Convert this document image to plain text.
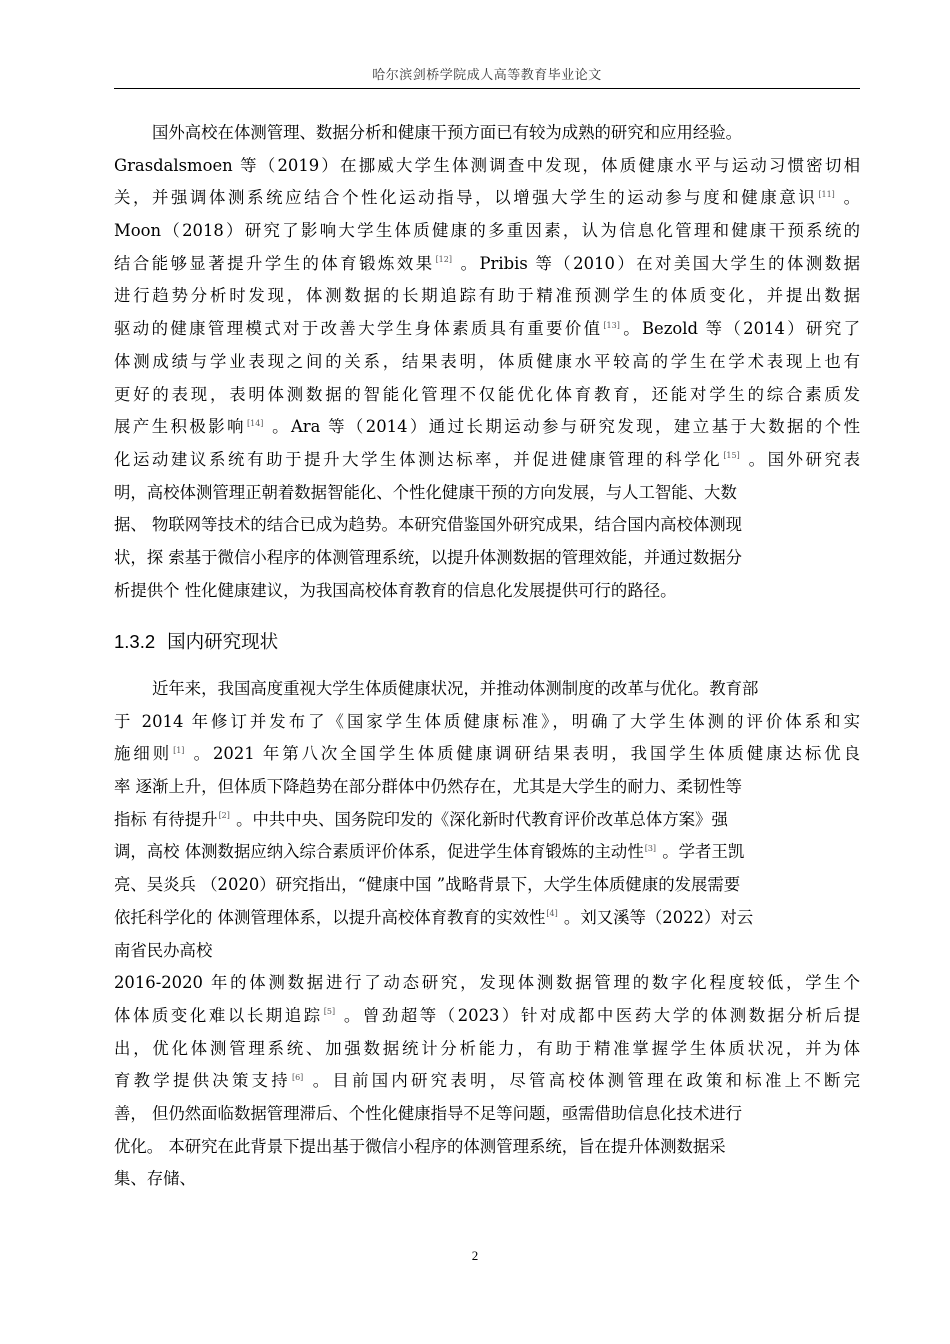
哈尔滨剑桥学院成人高等教育毕业论文
国外高校在体测管理、数据分析和健康干预方面已有较为成熟的研究和应用经验。
Grasdalsmoen 等（2019）在挪威大学生体测调查中发现，体质健康水平与运动习惯密切相
关，并强调体测系统应结合个性化运动指导，以增强大学生的运动参与度和健康意识[11] 。
Moon（2018）研究了影响大学生体质健康的多重因素，认为信息化管理和健康干预系统的
结合能够显著提升学生的体育锻炼效果[12] 。Pribis 等（2010）在对美国大学生的体测数据
进行趋势分析时发现，体测数据的长期追踪有助于精准预测学生的体质变化，并提出数据
驱动的健康管理模式对于改善大学生身体素质具有重要价值[13]。Bezold 等（2014）研究了
体测成绩与学业表现之间的关系，结果表明，体质健康水平较高的学生在学术表现上也有
更好的表现，表明体测数据的智能化管理不仅能优化体育教育，还能对学生的综合素质发
展产生积极影响[14] 。Ara 等（2014）通过长期运动参与研究发现，建立基于大数据的个性
化运动建议系统有助于提升大学生体测达标率，并促进健康管理的科学化[15] 。国外研究表
明，高校体测管理正朝着数据智能化、个性化健康干预的方向发展，与人工智能、大数
据、 物联网等技术的结合已成为趋势。本研究借鉴国外研究成果，结合国内高校体测现
状，探 索基于微信小程序的体测管理系统，以提升体测数据的管理效能，并通过数据分
析提供个 性化健康建议，为我国高校体育教育的信息化发展提供可行的路径。
1.3.2 国内研究现状
近年来，我国高度重视大学生体质健康状况，并推动体测制度的改革与优化。教育部
于 2014 年修订并发布了《国家学生体质健康标准》，明确了大学生体测的评价体系和实
施细则[1] 。2021 年第八次全国学生体质健康调研结果表明，我国学生体质健康达标优良
率 逐渐上升，但体质下降趋势在部分群体中仍然存在，尤其是大学生的耐力、柔韧性等
指标 有待提升[2] 。中共中央、国务院印发的《深化新时代教育评价改革总体方案》强
调，高校 体测数据应纳入综合素质评价体系，促进学生体育锻炼的主动性[3] 。学者王凯
亮、吴炎兵 （2020）研究指出，“健康中国 ”战略背景下，大学生体质健康的发展需要
依托科学化的 体测管理体系，以提升高校体育教育的实效性[4] 。刘又溪等（2022）对云
南省民办高校
2016-2020 年的体测数据进行了动态研究，发现体测数据管理的数字化程度较低，学生个
体体质变化难以长期追踪[5] 。曾劲超等（2023）针对成都中医药大学的体测数据分析后提
出，优化体测管理系统、加强数据统计分析能力，有助于精准掌握学生体质状况，并为体
育教学提供决策支持[6] 。目前国内研究表明，尽管高校体测管理在政策和标准上不断完
善， 但仍然面临数据管理滞后、个性化健康指导不足等问题，亟需借助信息化技术进行
优化。 本研究在此背景下提出基于微信小程序的体测管理系统，旨在提升体测数据采
集、存储、
2
